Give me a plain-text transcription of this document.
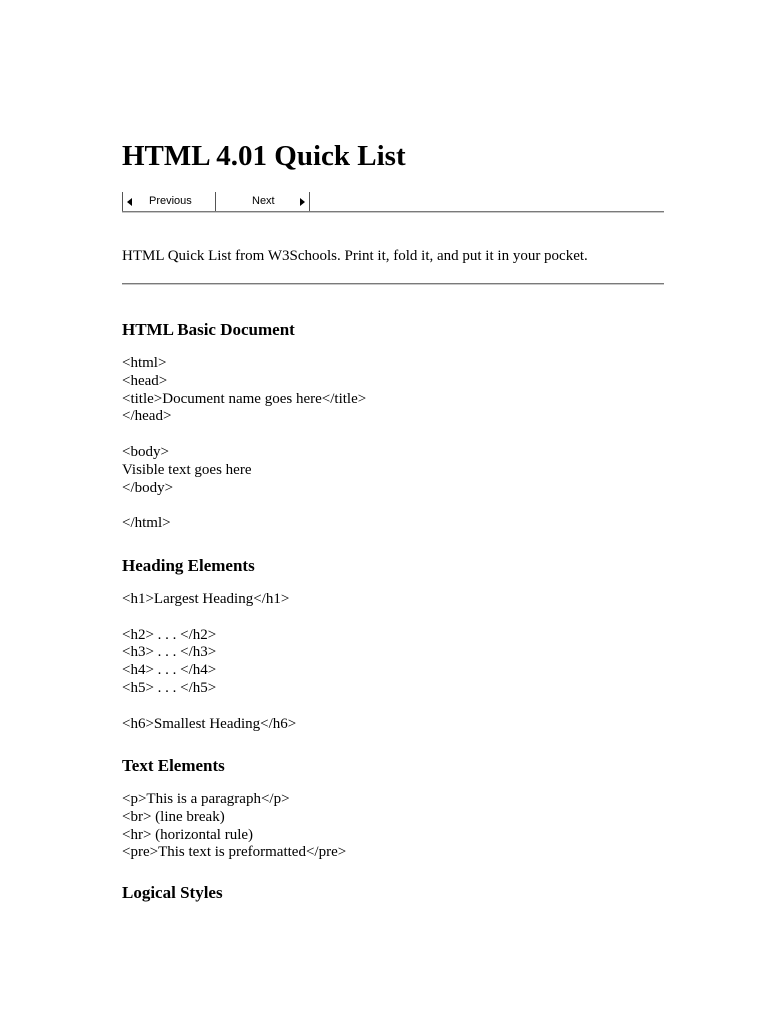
HTML 4.01 Quick List
Previous	Next
HTML Quick List from W3Schools. Print it, fold it, and put it in your pocket.
HTML Basic Document
<html>
<head>
<title>Document name goes here</title>
</head>
<body>
Visible text goes here
</body>
</html>
Heading Elements
<h1>Largest Heading</h1>
<h2> . . . </h2>
<h3> . . . </h3>
<h4> . . . </h4>
<h5> . . . </h5>
<h6>Smallest Heading</h6>
Text Elements
<p>This is a paragraph</p>
<br> (line break)
<hr> (horizontal rule)
<pre>This text is preformatted</pre>
Logical Styles
